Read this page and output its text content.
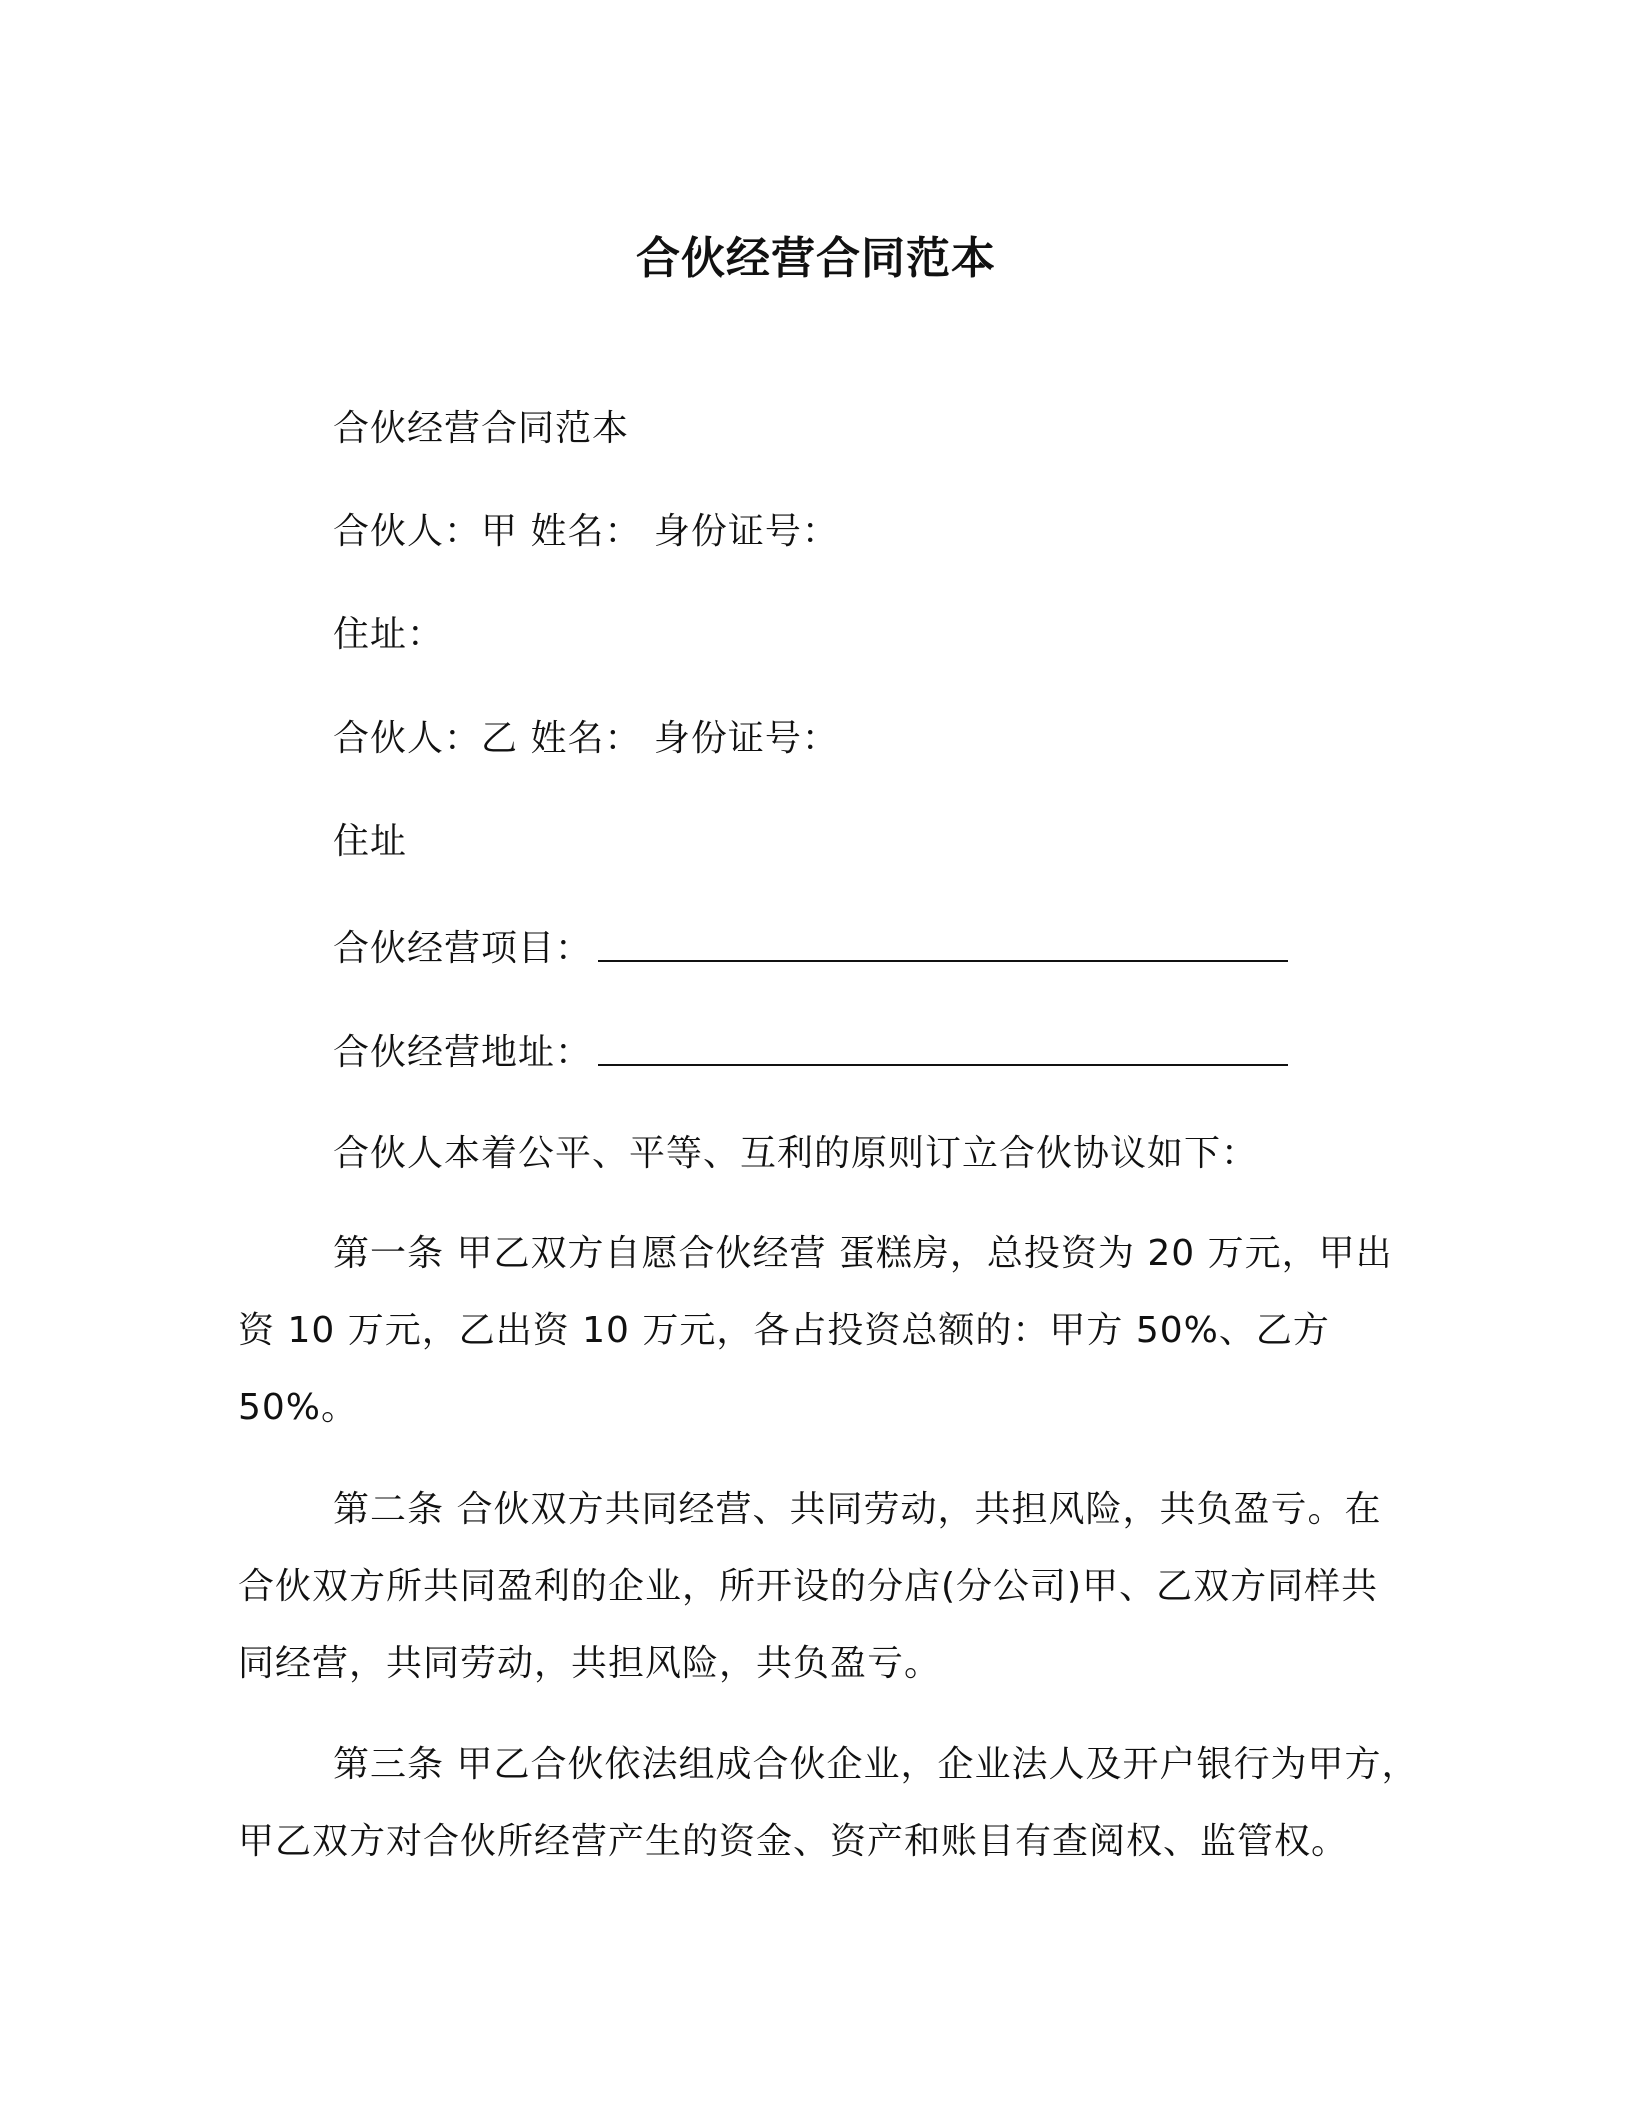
合伙经营合同范本
合伙经营合同范本
合伙人：甲 姓名： 身份证号：
住址：
合伙人：乙 姓名： 身份证号：
住址
合伙经营项目：
合伙经营地址：
合伙人本着公平、平等、互利的原则订立合伙协议如下：
第一条 甲乙双方自愿合伙经营 蛋糕房，总投资为 20 万元，甲出
资 10 万元，乙出资 10 万元，各占投资总额的：甲方 50%、乙方
50%。
第二条 合伙双方共同经营、共同劳动，共担风险，共负盈亏。在
合伙双方所共同盈利的企业，所开设的分店(分公司)甲、乙双方同样共
同经营，共同劳动，共担风险，共负盈亏。
第三条 甲乙合伙依法组成合伙企业，企业法人及开户银行为甲方，
甲乙双方对合伙所经营产生的资金、资产和账目有查阅权、监管权。
